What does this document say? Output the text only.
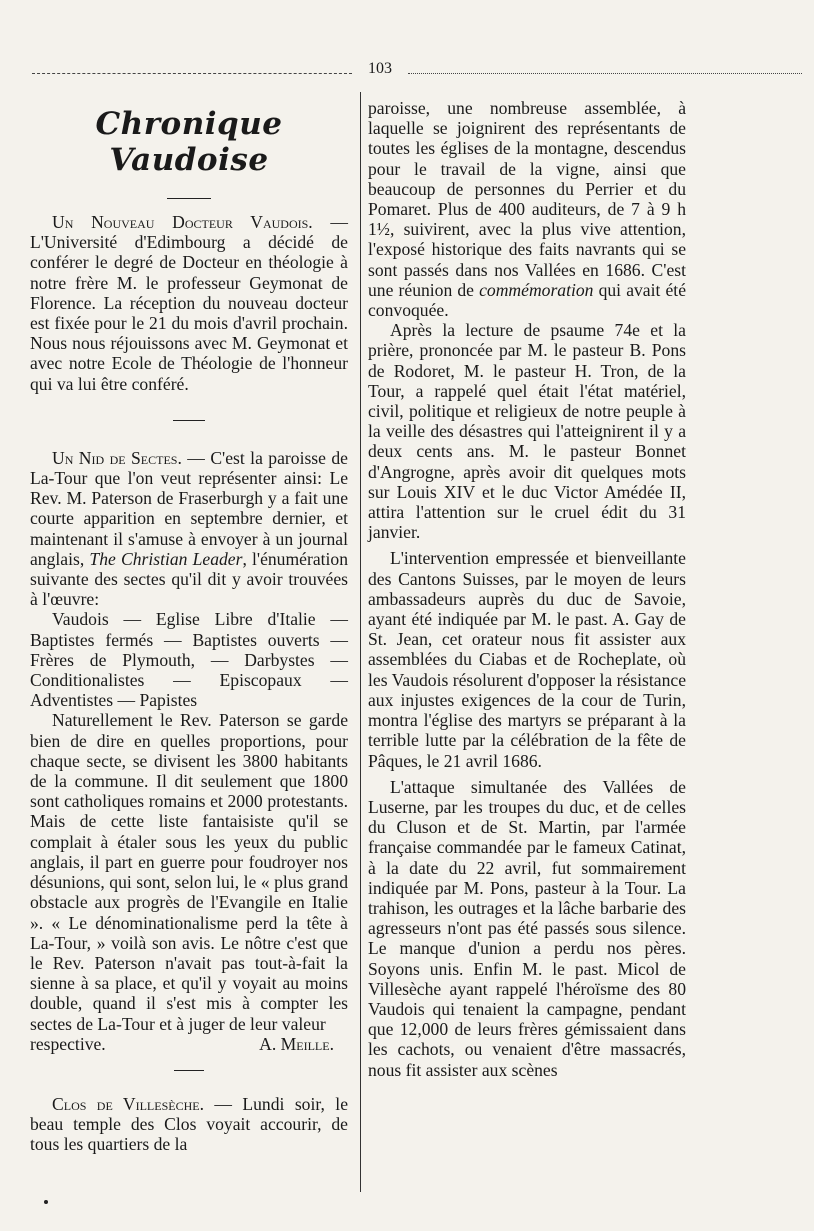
103
Chronique Vaudoise

Un Nouveau Docteur Vaudois. — L'Université d'Edimbourg a décidé de conférer le degré de Docteur en théologie à notre frère M. le professeur Geymonat de Florence. La réception du nouveau docteur est fixée pour le 21 du mois d'avril prochain. Nous nous réjouissons avec M. Geymonat et avec notre Ecole de Théologie de l'honneur qui va lui être conféré.

Un Nid de Sectes. — C'est la paroisse de La-Tour que l'on veut représenter ainsi: Le Rev. M. Paterson de Fraserburgh y a fait une courte apparition en septembre dernier, et maintenant il s'amuse à envoyer à un journal anglais, The Christian Leader, l'énumération suivante des sectes qu'il dit y avoir trouvées à l'œuvre:

Vaudois — Eglise Libre d'Italie — Baptistes fermés — Baptistes ouverts — Frères de Plymouth, — Darbystes — Conditionalistes — Episcopaux — Adventistes — Papistes

Naturellement le Rev. Paterson se garde bien de dire en quelles proportions, pour chaque secte, se divisent les 3800 habitants de la commune. Il dit seulement que 1800 sont catholiques romains et 2000 protestants. Mais de cette liste fantaisiste qu'il se complait à étaler sous les yeux du public anglais, il part en guerre pour foudroyer nos désunions, qui sont, selon lui, le « plus grand obstacle aux progrès de l'Evangile en Italie ». « Le dénominationalisme perd la tête à La-Tour, » voilà son avis. Le nôtre c'est que le Rev. Paterson n'avait pas tout-à-fait la sienne à sa place, et qu'il y voyait au moins double, quand il s'est mis à compter les sectes de La-Tour et à juger de leur valeur

respective.	A. Meille.

Clos de Villesèche. — Lundi soir, le beau temple des Clos voyait accourir, de tous les quartiers de la

paroisse, une nombreuse assemblée, à laquelle se joignirent des représentants de toutes les églises de la montagne, descendus pour le travail de la vigne, ainsi que beaucoup de personnes du Perrier et du Pomaret. Plus de 400 auditeurs, de 7 à 9 h 1½, suivirent, avec la plus vive attention, l'exposé historique des faits navrants qui se sont passés dans nos Vallées en 1686. C'est une réunion de commémoration qui avait été convoquée.

Après la lecture de psaume 74e et la prière, prononcée par M. le pasteur B. Pons de Rodoret, M. le pasteur H. Tron, de la Tour, a rappelé quel était l'état matériel, civil, politique et religieux de notre peuple à la veille des désastres qui l'atteignirent il y a deux cents ans. M. le pasteur Bonnet d'Angrogne, après avoir dit quelques mots sur Louis XIV et le duc Victor Amédée II, attira l'attention sur le cruel édit du 31 janvier.

L'intervention empressée et bienveillante des Cantons Suisses, par le moyen de leurs ambassadeurs auprès du duc de Savoie, ayant été indiquée par M. le past. A. Gay de St. Jean, cet orateur nous fit assister aux assemblées du Ciabas et de Rocheplate, où les Vaudois résolurent d'opposer la résistance aux injustes exigences de la cour de Turin, montra l'église des martyrs se préparant à la terrible lutte par la célébration de la fête de Pâques, le 21 avril 1686.

L'attaque simultanée des Vallées de Luserne, par les troupes du duc, et de celles du Cluson et de St. Martin, par l'armée française commandée par le fameux Catinat, à la date du 22 avril, fut sommairement indiquée par M. Pons, pasteur à la Tour. La trahison, les outrages et la lâche barbarie des agresseurs n'ont pas été passés sous silence. Le manque d'union a perdu nos pères. Soyons unis. Enfin M. le past. Micol de Villesèche ayant rappelé l'héroïsme des 80 Vaudois qui tenaient la campagne, pendant que 12,000 de leurs frères gémissaient dans les cachots, ou venaient d'être massacrés, nous fit assister aux scènes
